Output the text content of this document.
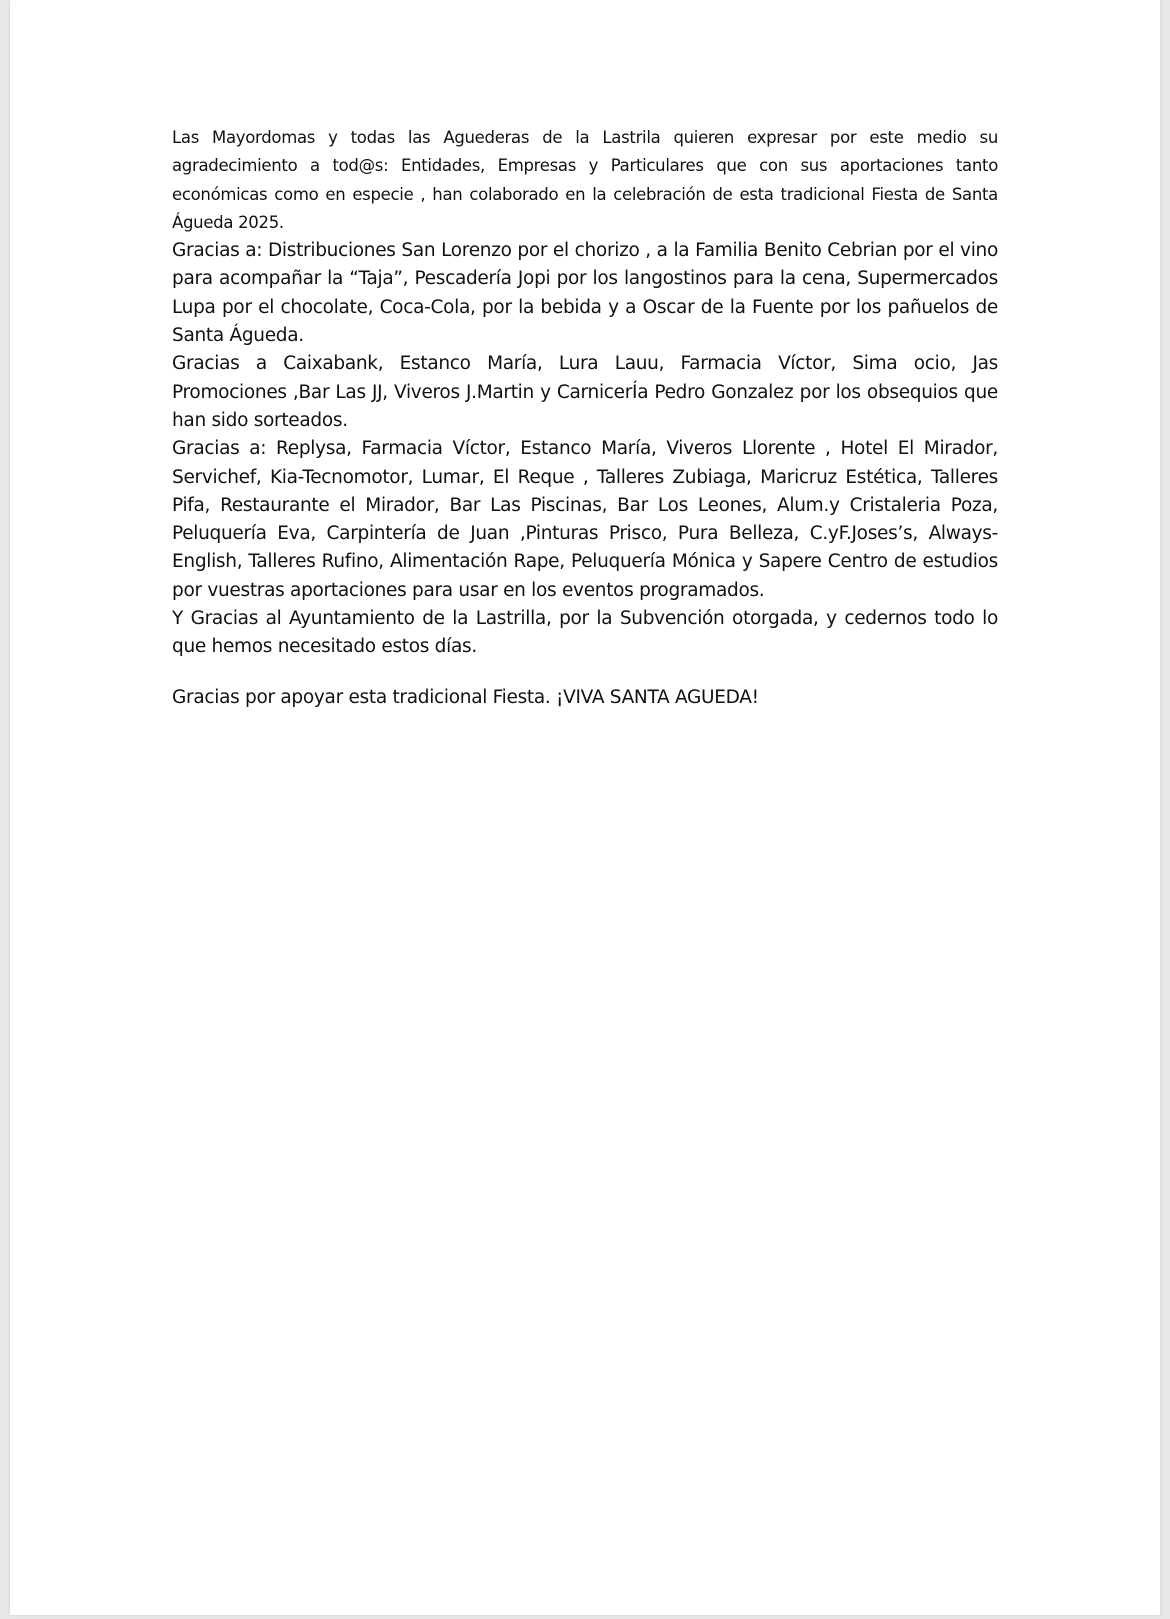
Las Mayordomas y todas las Aguederas de la Lastrila quieren expresar por este medio su agradecimiento a tod@s: Entidades, Empresas y Particulares que con sus aportaciones tanto económicas como en especie , han colaborado en la celebración de esta tradicional Fiesta de Santa Águeda 2025.

Gracias a: Distribuciones San Lorenzo por el chorizo , a la Familia Benito Cebrian por el vino para acompañar la “Taja”, Pescadería Jopi por los langostinos para la cena, Supermercados Lupa por el chocolate, Coca-Cola, por la bebida y a Oscar de la Fuente por los pañuelos de Santa Águeda.

Gracias a Caixabank, Estanco María, Lura Lauu, Farmacia Víctor, Sima ocio, Jas Promociones ,Bar Las JJ, Viveros J.Martin y CarnicerÍa Pedro Gonzalez por los obsequios que han sido sorteados.

Gracias a: Replysa, Farmacia Víctor, Estanco María, Viveros Llorente , Hotel El Mirador, Servichef, Kia-Tecnomotor, Lumar, El Reque , Talleres Zubiaga, Maricruz Estética, Talleres Pifa, Restaurante el Mirador, Bar Las Piscinas, Bar Los Leones, Alum.y Cristaleria Poza, Peluquería Eva, Carpintería de Juan ,Pinturas Prisco, Pura Belleza, C.yF.Joses’s, Always-English, Talleres Rufino, Alimentación Rape, Peluquería Mónica y Sapere Centro de estudios por vuestras aportaciones para usar en los eventos programados.

Y Gracias al Ayuntamiento de la Lastrilla, por la Subvención otorgada, y cedernos todo lo que hemos necesitado estos días.

Gracias por apoyar esta tradicional Fiesta. ¡VIVA SANTA AGUEDA!
